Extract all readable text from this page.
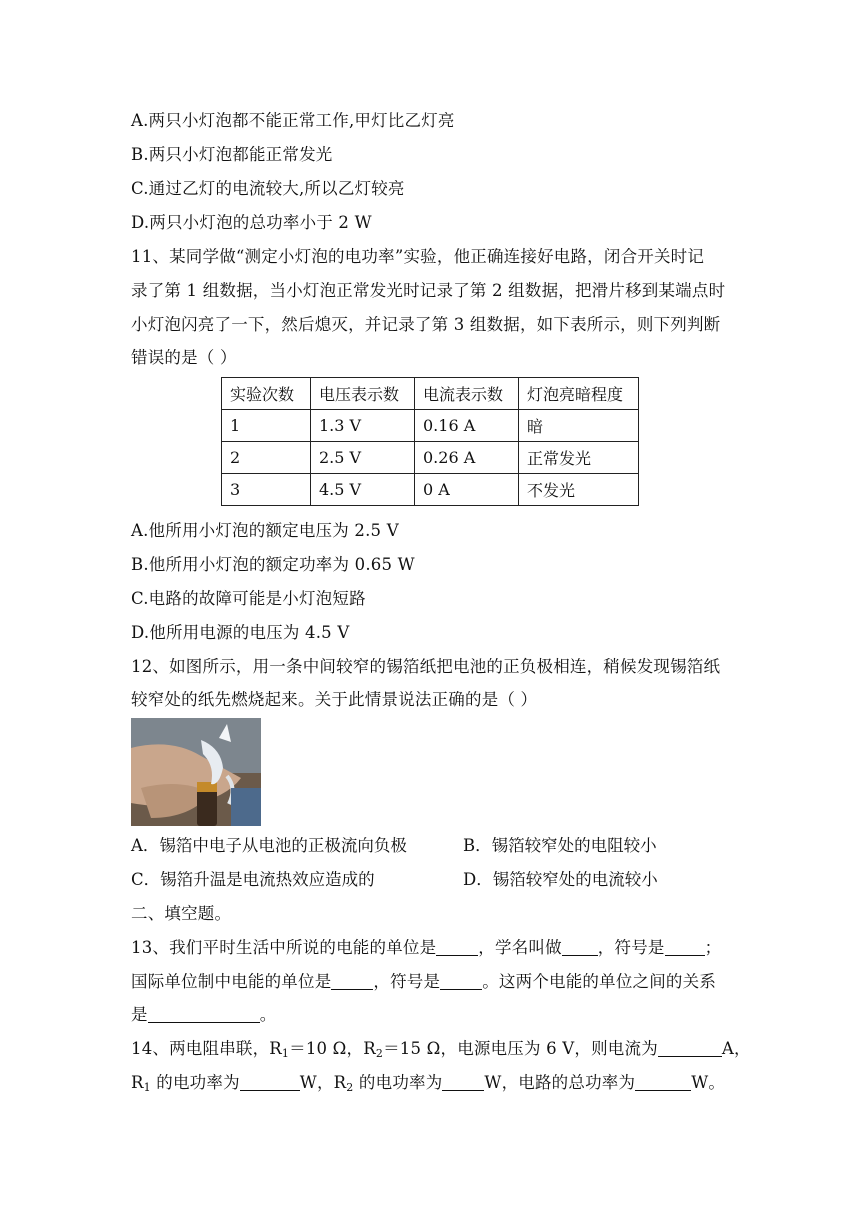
A.两只小灯泡都不能正常工作,甲灯比乙灯亮
B.两只小灯泡都能正常发光
C.通过乙灯的电流较大,所以乙灯较亮
D.两只小灯泡的总功率小于 2 W
11、某同学做“测定小灯泡的电功率”实验，他正确连接好电路，闭合开关时记
录了第 1 组数据，当小灯泡正常发光时记录了第 2 组数据，把滑片移到某端点时
小灯泡闪亮了一下，然后熄灭，并记录了第 3 组数据，如下表所示，则下列判断
错误的是（ ）
实验次数	电压表示数	电流表示数	灯泡亮暗程度
1	1.3 V	0.16 A	暗
2	2.5 V	0.26 A	正常发光
3	4.5 V	0 A	不发光
A.他所用小灯泡的额定电压为 2.5 V
B.他所用小灯泡的额定功率为 0.65 W
C.电路的故障可能是小灯泡短路
D.他所用电源的电压为 4.5 V
12、如图所示，用一条中间较窄的锡箔纸把电池的正负极相连，稍候发现锡箔纸
较窄处的纸先燃烧起来。关于此情景说法正确的是（ ）
A．锡箔中电子从电池的正极流向负极	B．锡箔较窄处的电阻较小
C．锡箔升温是电流热效应造成的	D．锡箔较窄处的电流较小
二、填空题。
13、我们平时生活中所说的电能的单位是	，学名叫做 ，符号是 ；
国际单位制中电能的单位是	，符号是	。这两个电能的单位之间的关系
是	。
14、两电阻串联，$R_1=10$ Ω，$R_2=15$ Ω，电源电压为 6 V，则电流为	A，
$R_1$ 的电功率为	W，$R_2$ 的电功率为	W，电路的总功率为	W。
